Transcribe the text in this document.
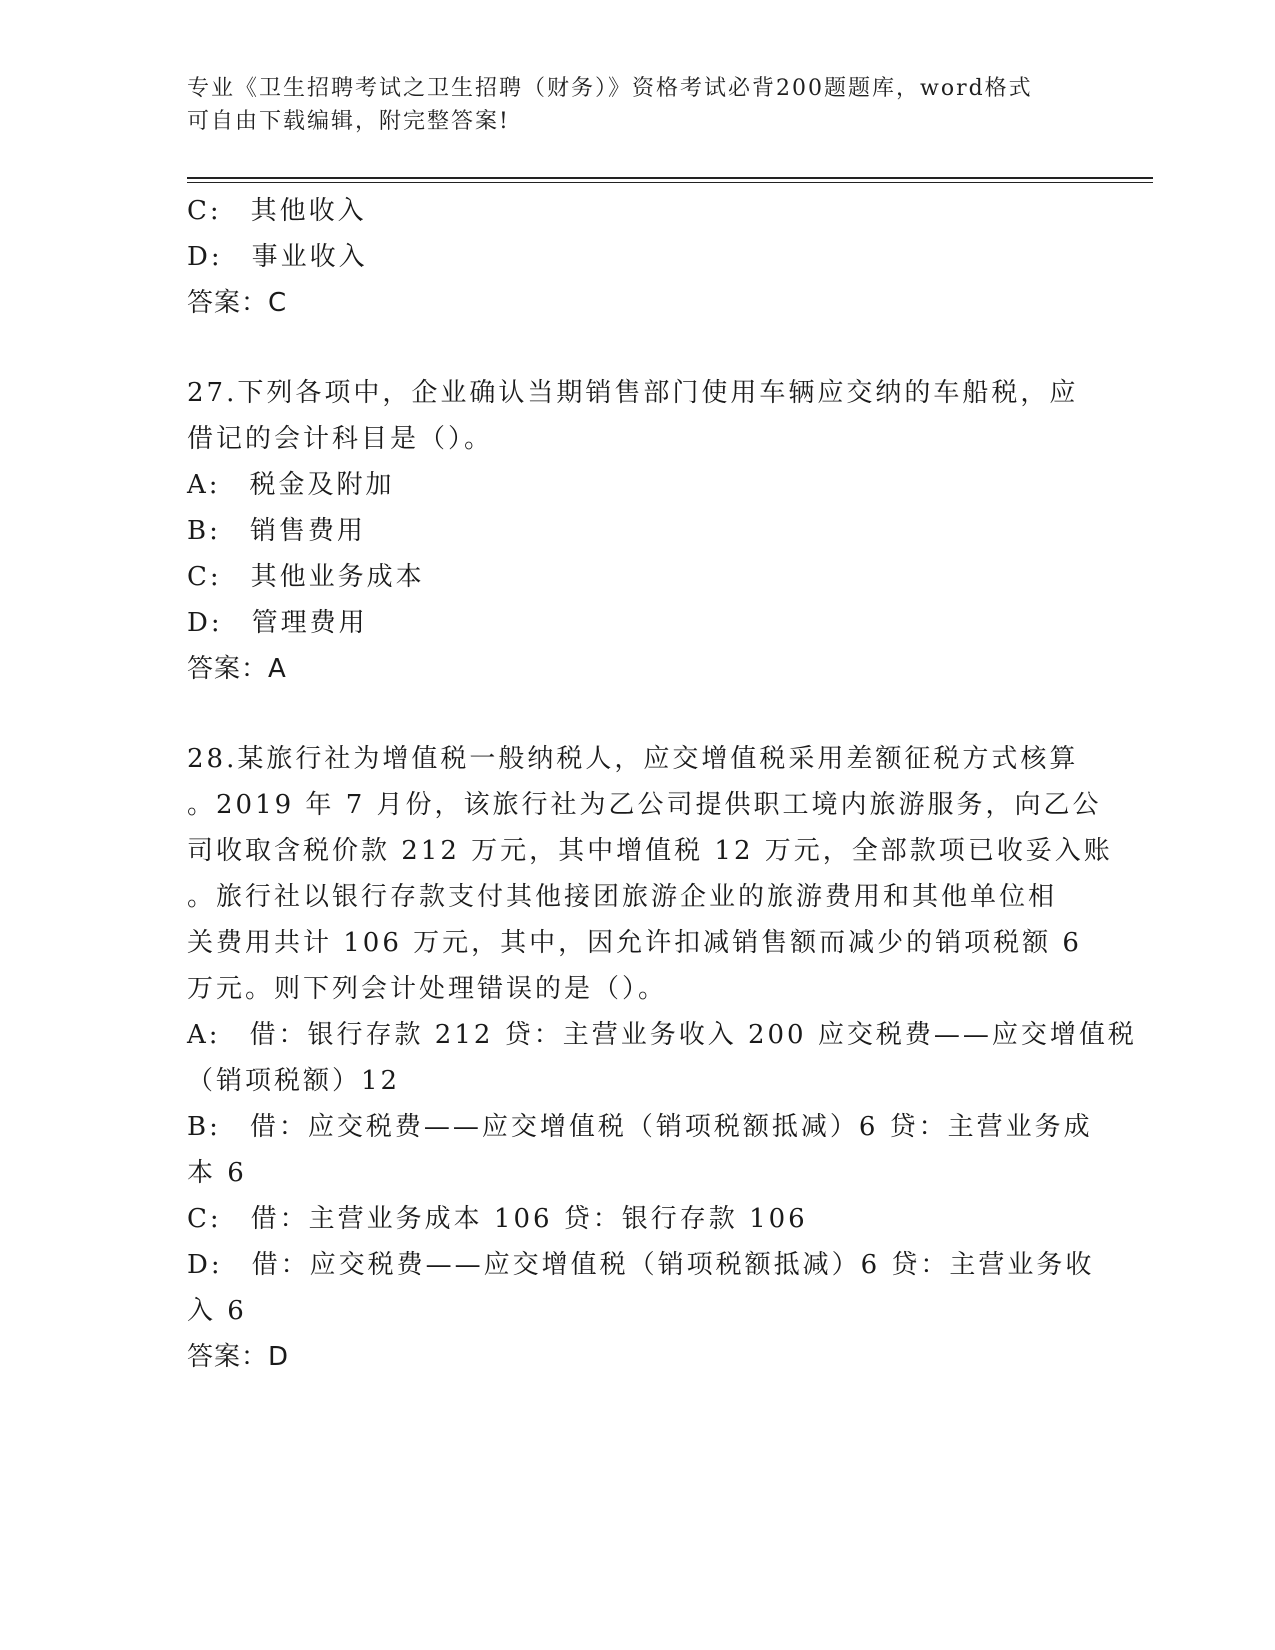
专业《卫生招聘考试之卫生招聘（财务）》资格考试必背200题题库，word格式
可自由下载编辑，附完整答案!
C:　其他收入
D:　事业收入
答案：C
27.下列各项中，企业确认当期销售部门使用车辆应交纳的车船税，应
借记的会计科目是（）。
A:　税金及附加
B:　销售费用
C:　其他业务成本
D:　管理费用
答案：A
28.某旅行社为增值税一般纳税人，应交增值税采用差额征税方式核算
。2019 年 7 月份，该旅行社为乙公司提供职工境内旅游服务，向乙公
司收取含税价款 212 万元，其中增值税 12 万元，全部款项已收妥入账
。旅行社以银行存款支付其他接团旅游企业的旅游费用和其他单位相
关费用共计 106 万元，其中，因允许扣减销售额而减少的销项税额 6
万元。则下列会计处理错误的是（）。
A:　借：银行存款 212 贷：主营业务收入 200 应交税费——应交增值税
（销项税额）12
B:　借：应交税费——应交增值税（销项税额抵减）6 贷：主营业务成
本 6
C:　借：主营业务成本 106 贷：银行存款 106
D:　借：应交税费——应交增值税（销项税额抵减）6 贷：主营业务收
入 6
答案：D
